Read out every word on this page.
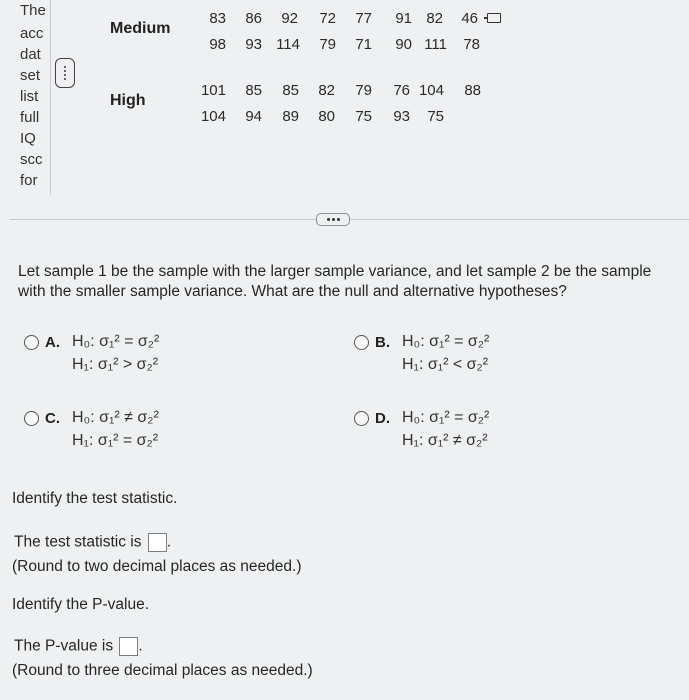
The
acc
dat
set
list
full
IQ
scc
for
Medium
83	86	92	72	77	91 82	46
98	93 114	79	71	90 111	78
High
101	85	85	82	79	76 104	88
104	94	89	80	75	93	75
Let sample 1 be the sample with the larger sample variance, and let sample 2 be the sample with the smaller sample variance. What are the null and alternative hypotheses?
A. H₀: σ₁² = σ₂²
H₁: σ₁² > σ₂²
B. H₀: σ₁² = σ₂²
H₁: σ₁² < σ₂²
C. H₀: σ₁² ≠ σ₂²
H₁: σ₁² = σ₂²
D. H₀: σ₁² = σ₂²
H₁: σ₁² ≠ σ₂²
Identify the test statistic.
The test statistic is .
(Round to two decimal places as needed.)
Identify the P-value.
The P-value is .
(Round to three decimal places as needed.)
